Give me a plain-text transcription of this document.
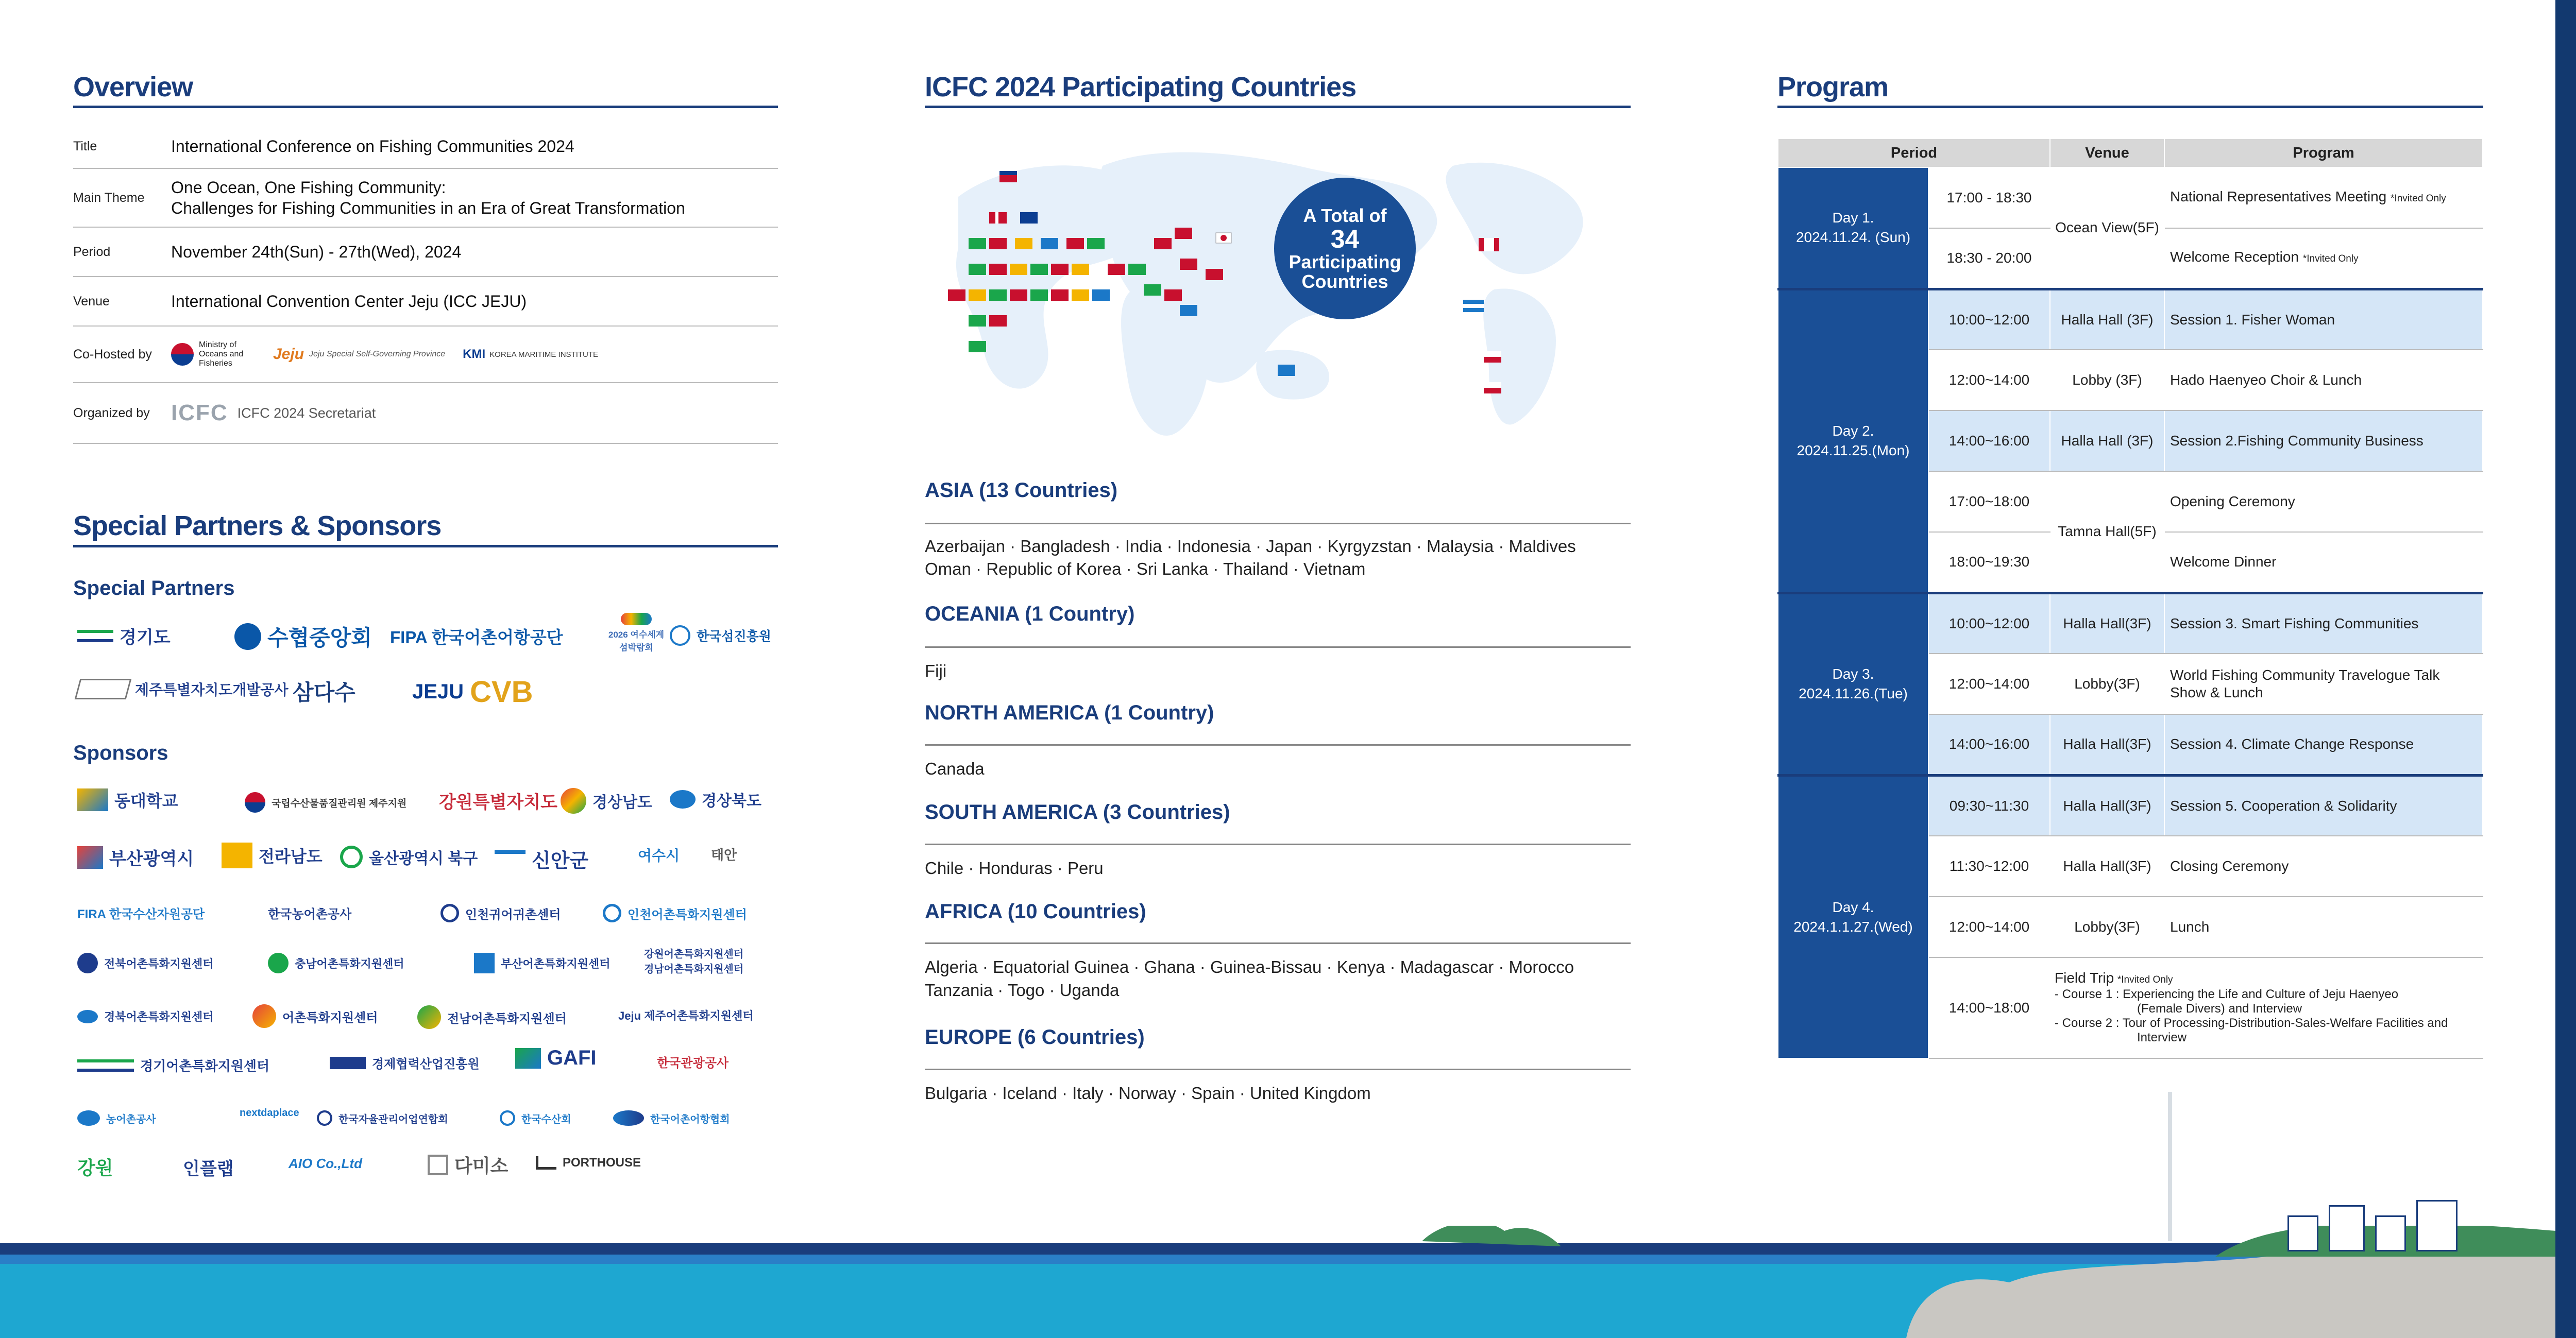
Overview
Title	International Conference on Fishing Communities 2024
Main Theme
One Ocean, One Fishing Community:
Challenges for Fishing Communities in an Era of Great Transformation
Period	November 24th(Sun) - 27th(Wed), 2024
Venue	International Convention Center Jeju (ICC JEJU)
Co-Hosted by
Ministry of Oceans and Fisheries
Jeju Jeju Special Self-Governing Province KMI KOREA MARITIME INSTITUTE
Organized by ICFC ICFC 2024 Secretariat
Special Partners & Sponsors
Special Partners
경기도	수협중앙회 FIPA 한국어촌어항공단	2026 여수세계섬박람회
한국섬진흥원
제주특별자치도개발공사 삼다수	JEJU CVB
Sponsors
동대학교	국립수산물품질관리원 제주지원 강원특별자치도 경상남도	경상북도
부산광역시	전라남도	울산광역시 북구	신안군	여수시 태안
FIRA 한국수산자원공단	한국농어촌공사	인천귀어귀촌센터	인천어촌특화지원센터
전북어촌특화지원센터	충남어촌특화지원센터	부산어촌특화지원센터
강원어촌특화지원센터
경남어촌특화지원센터
경북어촌특화지원센터	어촌특화지원센터	전남어촌특화지원센터	Jeju 제주어촌특화지원센터
경기어촌특화지원센터	경제협력산업진흥원	GAFI	한국관광공사
농어촌공사
nextdaplace
한국자율관리어업연합회	한국수산회	한국어촌어항협회
강원	인플랩	AIO Co.,Ltd	다미소	PORTHOUSE
ICFC 2024 Participating Countries
A Total of
34
Participating
Countries
ASIA (13 Countries)
Azerbaijan · Bangladesh · India · Indonesia · Japan · Kyrgyzstan · Malaysia · Maldives
Oman · Republic of Korea · Sri Lanka · Thailand · Vietnam
OCEANIA (1 Country)
Fiji
NORTH AMERICA (1 Country)
Canada
SOUTH AMERICA (3 Countries)
Chile · Honduras · Peru
AFRICA (10 Countries)
Algeria · Equatorial Guinea · Ghana · Guinea-Bissau · Kenya · Madagascar · Morocco
Tanzania · Togo · Uganda
EUROPE (6 Countries)
Bulgaria · Iceland · Italy · Norway · Spain · United Kingdom
Program
Period		Venue	Program

Day 1.
2024.11.24. (Sun)	17:00 - 18:30	Ocean View(5F)	National Representatives Meeting *Invited Only
	18:30 - 20:00		Welcome Reception *Invited Only

Day 2.
2024.11.25.(Mon)	10:00~12:00	Halla Hall (3F)	Session 1. Fisher Woman
	12:00~14:00	Lobby (3F)	Hado Haenyeo Choir & Lunch
	14:00~16:00	Halla Hall (3F)	Session 2.Fishing Community Business
	17:00~18:00	Tamna Hall(5F)	Opening Ceremony
	18:00~19:30		Welcome Dinner

Day 3.
2024.11.26.(Tue)	10:00~12:00	Halla Hall(3F)	Session 3. Smart Fishing Communities
	12:00~14:00	Lobby(3F)	World Fishing Community Travelogue Talk
Show & Lunch

	14:00~16:00	Halla Hall(3F)	Session 4. Climate Change Response

Day 4.
2024.1.1.27.(Wed)	09:30~11:30	Halla Hall(3F)	Session 5. Cooperation & Solidarity
	11:30~12:00	Halla Hall(3F)	Closing Ceremony
	12:00~14:00	Lobby(3F)	Lunch
	14:00~18:00	Field Trip *Invited Only
- Course 1 : Experiencing the Life and Culture of Jeju Haenyeo
(Female Divers) and Interview
- Course 2 : Tour of Processing-Distribution-Sales-Welfare Facilities and
Interview	
